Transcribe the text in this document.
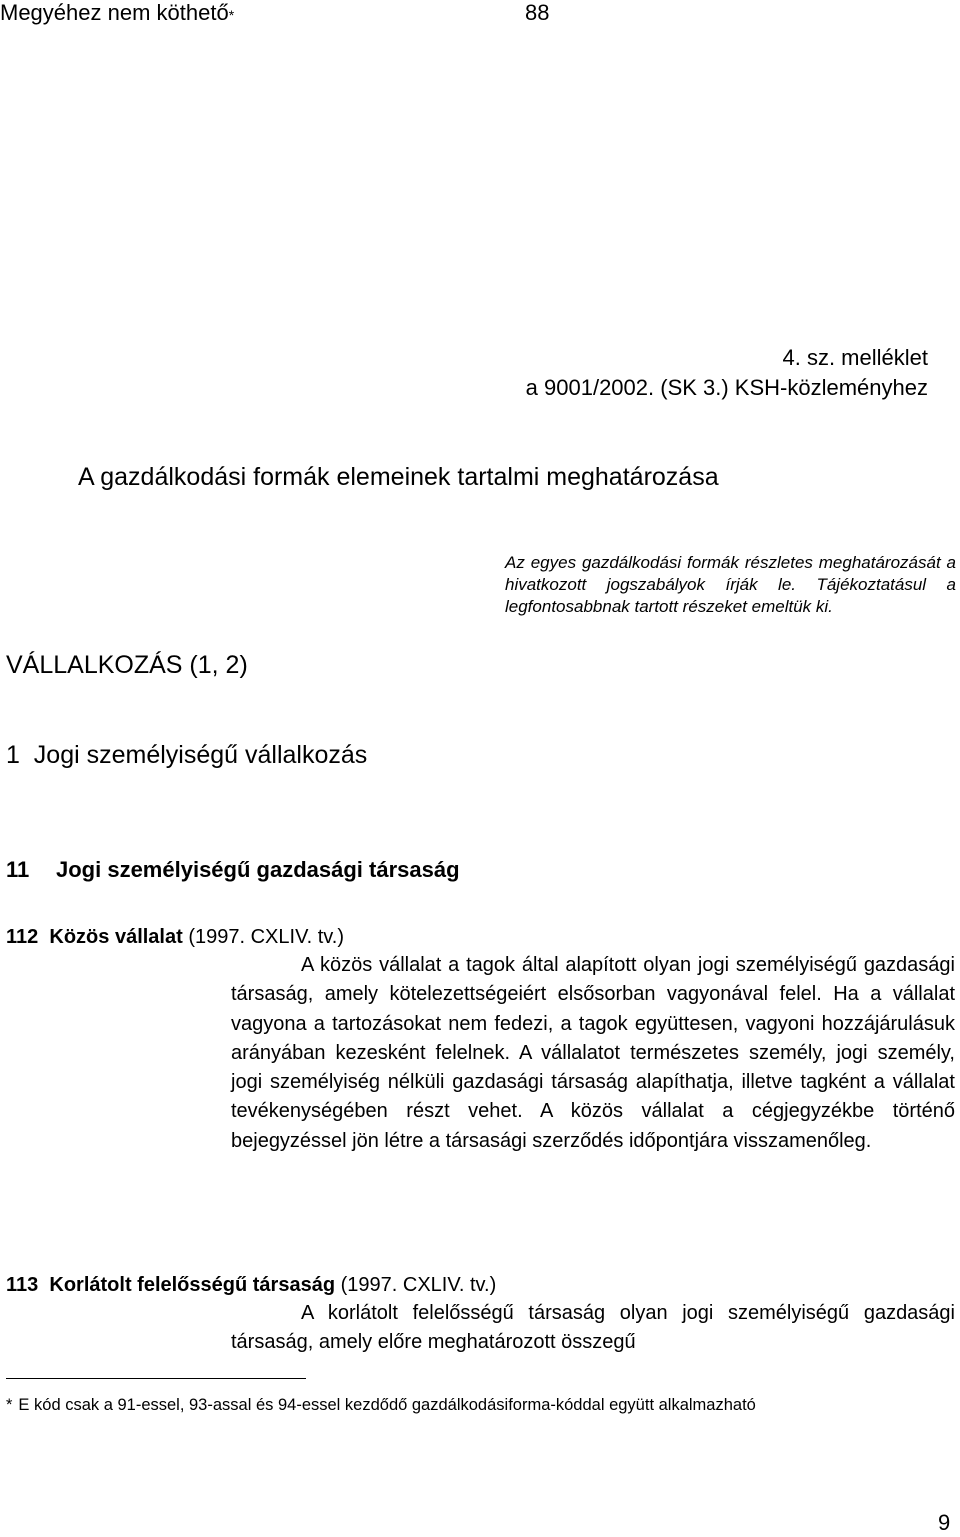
Megyéhez nem köthető*	88
4. sz. melléklet
a 9001/2002. (SK 3.) KSH-közleményhez
A gazdálkodási formák elemeinek tartalmi meghatározása
Az egyes gazdálkodási formák részletes meghatározását a hivatkozott jogszabályok írják le. Tájékoztatásul a legfontosabbnak tartott részeket emeltük ki.
VÁLLALKOZÁS (1, 2)
1  Jogi személyiségű vállalkozás
11 Jogi személyiségű gazdasági társaság
112 Közös vállalat (1997. CXLIV. tv.)
A közös vállalat a tagok által alapított olyan jogi személyiségű gazdasági társaság, amely kötelezettségeiért elsősorban vagyonával felel. Ha a vállalat vagyona a tartozásokat nem fedezi, a tagok együttesen, vagyoni hozzájárulásuk arányában kezesként felelnek. A vállalatot természetes személy, jogi személy, jogi személyiség nélküli gazdasági társaság alapíthatja, illetve tagként a vállalat tevékenységében részt vehet. A közös vállalat a cégjegyzékbe történő bejegyzéssel jön létre a társasági szerződés időpontjára visszamenőleg.
113 Korlátolt felelősségű társaság (1997. CXLIV. tv.)
A korlátolt felelősségű társaság olyan jogi személyiségű gazdasági társaság, amely előre meghatározott összegű
* E kód csak a 91-essel, 93-assal és 94-essel kezdődő gazdálkodásiforma-kóddal együtt alkalmazható
9
